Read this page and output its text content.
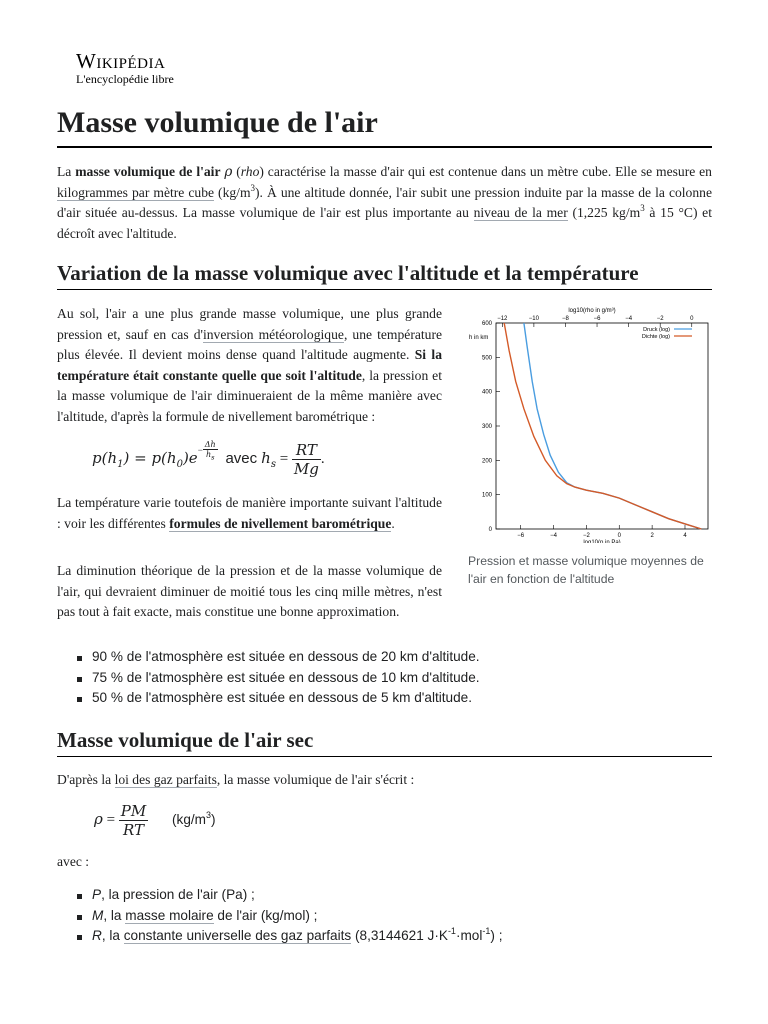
Wikipédia
L'encyclopédie libre
Masse volumique de l'air

La masse volumique de l'air ρ (rho) caractérise la masse d'air qui est contenue dans un mètre cube. Elle se mesure en kilogrammes par mètre cube $(kg/m^3)$. À une altitude donnée, l'air subit une pression induite par la masse de la colonne d'air située au-dessus. La masse volumique de l'air est plus importante au niveau de la mer (1,225 $kg/m^3$ à 15 °C) et décroît avec l'altitude.

Variation de la masse volumique avec l'altitude et la température

Au sol, l'air a une plus grande masse volumique, une plus grande pression et, sauf en cas d'inversion météorologique, une température plus élevée. Il devient moins dense quand l'altitude augmente. Si la température était constante quelle que soit l'altitude, la pression et la masse volumique de l'air diminueraient de la même manière avec l'altitude, d'après la formule de nivellement barométrique :

$p(h_1) = p(h_0)e- \frac{\Delta h}{h_s}$ avec $h_s = \frac{RT}{Mg}$ .

La température varie toutefois de manière importante suivant l'altitude : voir les différentes formules de nivellement barométrique.

La diminution théorique de la pression et de la masse volumique de l'air, qui devraient diminuer de moitié tous les cinq mille mètres, n'est pas tout à fait exacte, mais constitue une bonne approximation.

0
100
200
300
400
500
600
−6	−4	−2	0	2	4
−12	−10	−8	−6	−4	−2	0
log10(rho in g/m³)
log10(p in Pa)
h in km
Druck (log)
Dichte (log)
Pression et masse volumique moyennes de l'air en fonction de l'altitude
90 % de l'atmosphère est située en dessous de 20 km d'altitude.
75 % de l'atmosphère est située en dessous de 10 km d'altitude.
50 % de l'atmosphère est située en dessous de 5 km d'altitude.
Masse volumique de l'air sec

D'après la loi des gaz parfaits, la masse volumique de l'air s'écrit :

$\rho = \frac{PM}{RT} (kg/m^3)$

avec :

P, la pression de l'air (Pa) ;
M, la masse molaire de l'air (kg/mol) ;
R, la constante universelle des gaz parfaits (8,3144621 $J\cdot K^{-1}\cdot mol^{-1}$) ;
